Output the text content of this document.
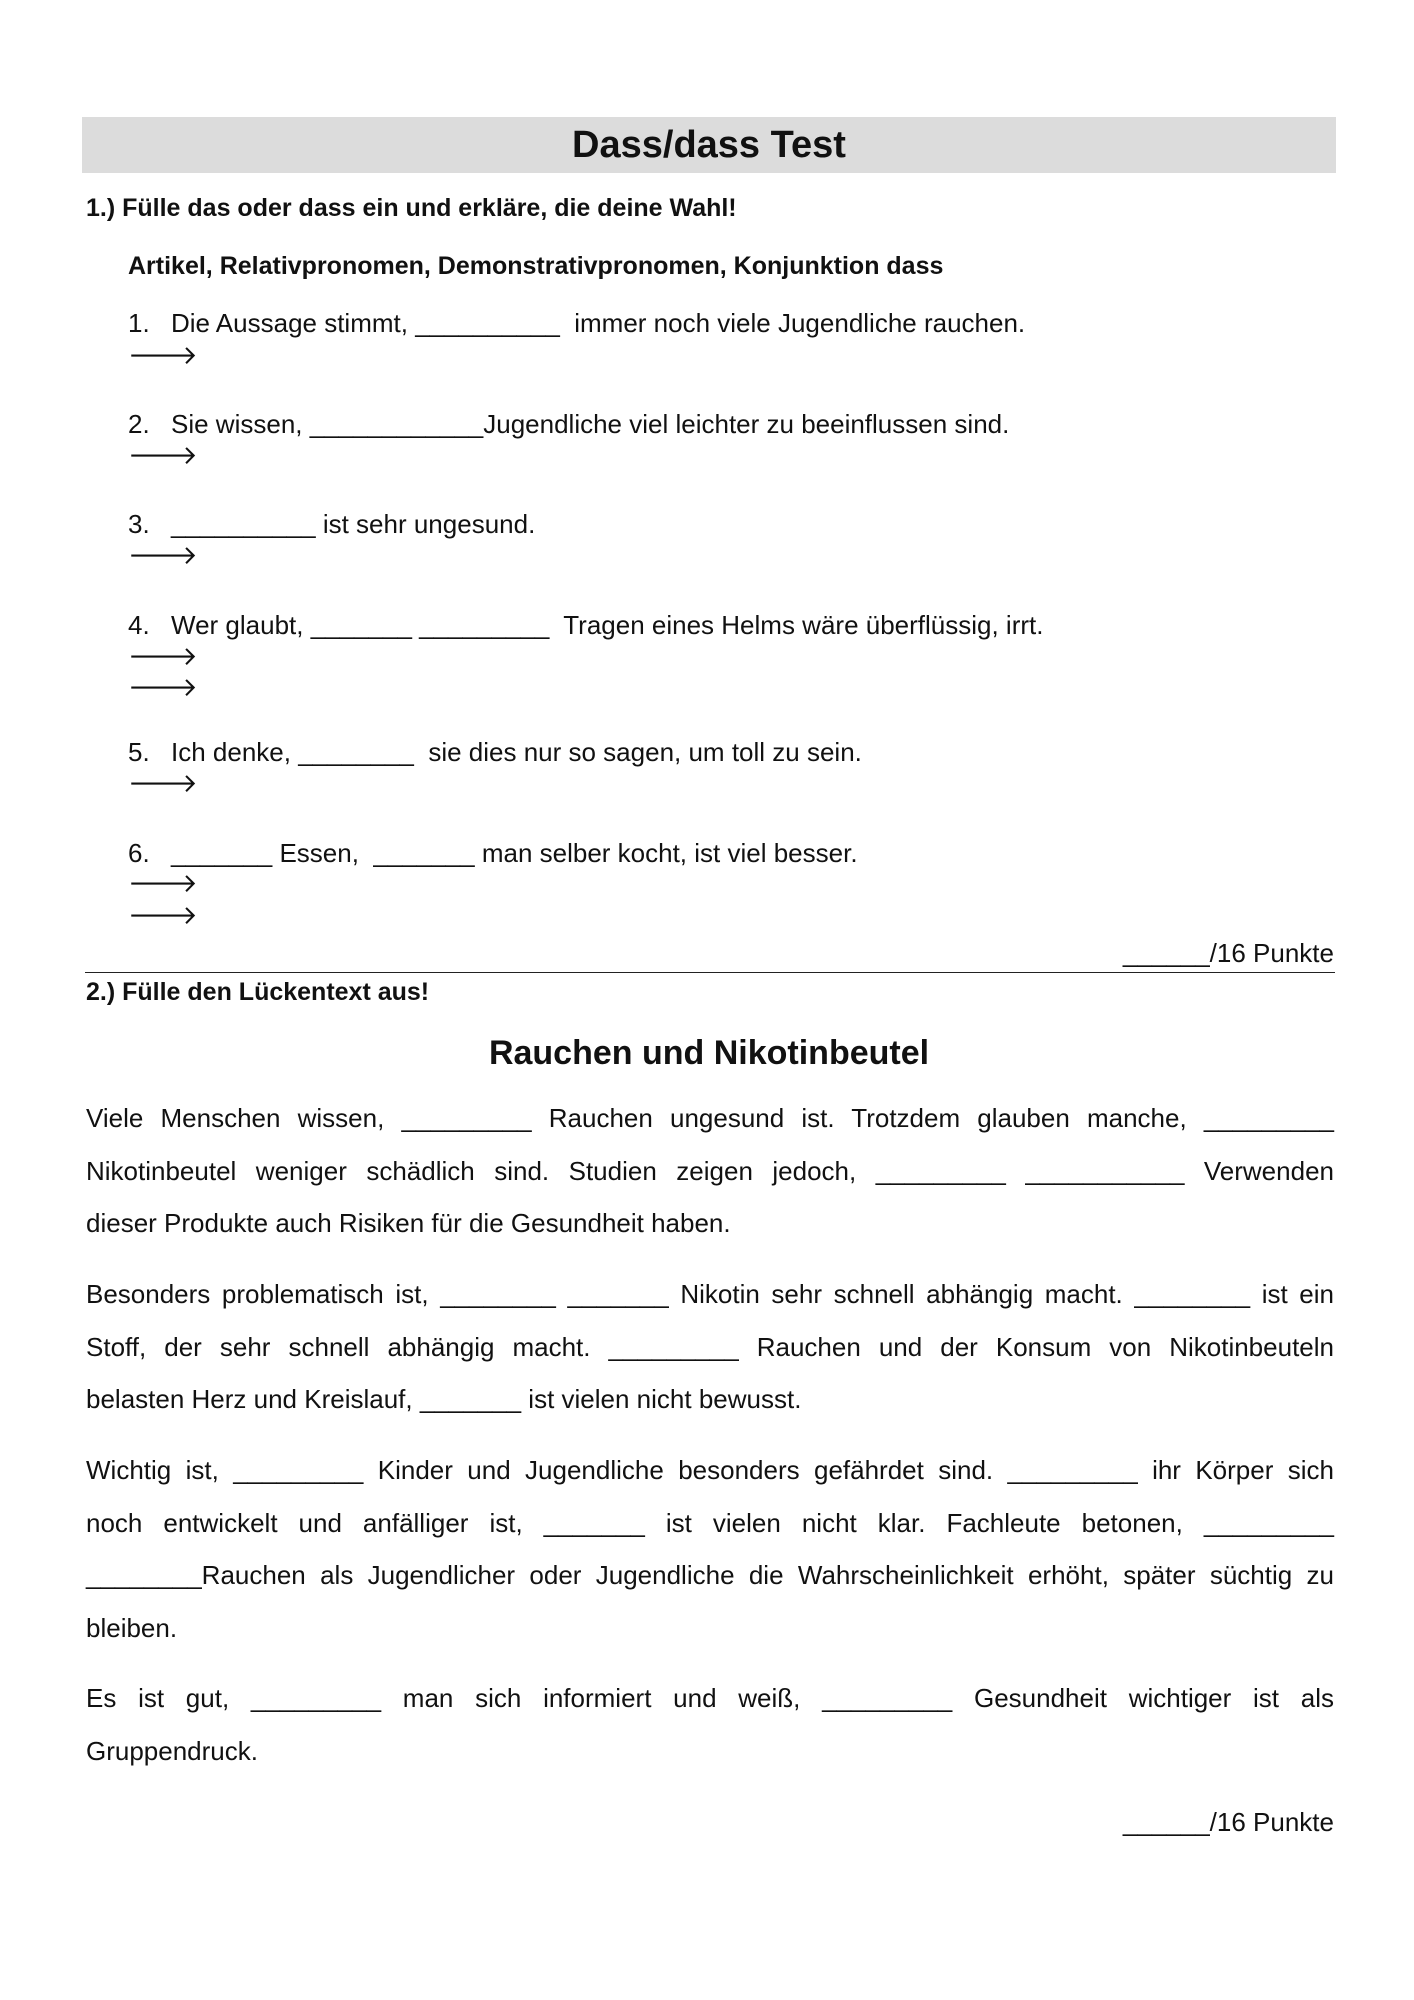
Dass/dass Test
1.) Fülle das oder dass ein und erkläre, die deine Wahl!
Artikel, Relativpronomen, Demonstrativpronomen, Konjunktion dass
1. Die Aussage stimmt, __________  immer noch viele Jugendliche rauchen.
🡒
2. Sie wissen, ____________Jugendliche viel leichter zu beeinflussen sind.
🡒
3. __________ ist sehr ungesund.
🡒
4. Wer glaubt, _______ _________  Tragen eines Helms wäre überflüssig, irrt.
🡒
🡒
5. Ich denke, ________  sie dies nur so sagen, um toll zu sein.
🡒
6. _______ Essen,  _______ man selber kocht, ist viel besser.
🡒
🡒
______/16 Punkte
2.) Fülle den Lückentext aus!
Rauchen und Nikotinbeutel
Viele Menschen wissen, _________ Rauchen ungesund ist. Trotzdem glauben manche, _________
Nikotinbeutel weniger schädlich sind. Studien zeigen jedoch, _________ ___________ Verwenden
dieser Produkte auch Risiken für die Gesundheit haben.
Besonders problematisch ist, ________ _______ Nikotin sehr schnell abhängig macht. ________ ist ein
Stoff, der sehr schnell abhängig macht. _________ Rauchen und der Konsum von Nikotinbeuteln
belasten Herz und Kreislauf, _______ ist vielen nicht bewusst.
Wichtig ist, _________ Kinder und Jugendliche besonders gefährdet sind. _________ ihr Körper sich
noch entwickelt und anfälliger ist, _______ ist vielen nicht klar. Fachleute betonen, _________
________Rauchen als Jugendlicher oder Jugendliche die Wahrscheinlichkeit erhöht, später süchtig zu
bleiben.
Es ist gut, _________ man sich informiert und weiß, _________ Gesundheit wichtiger ist als
Gruppendruck.
______/16 Punkte
